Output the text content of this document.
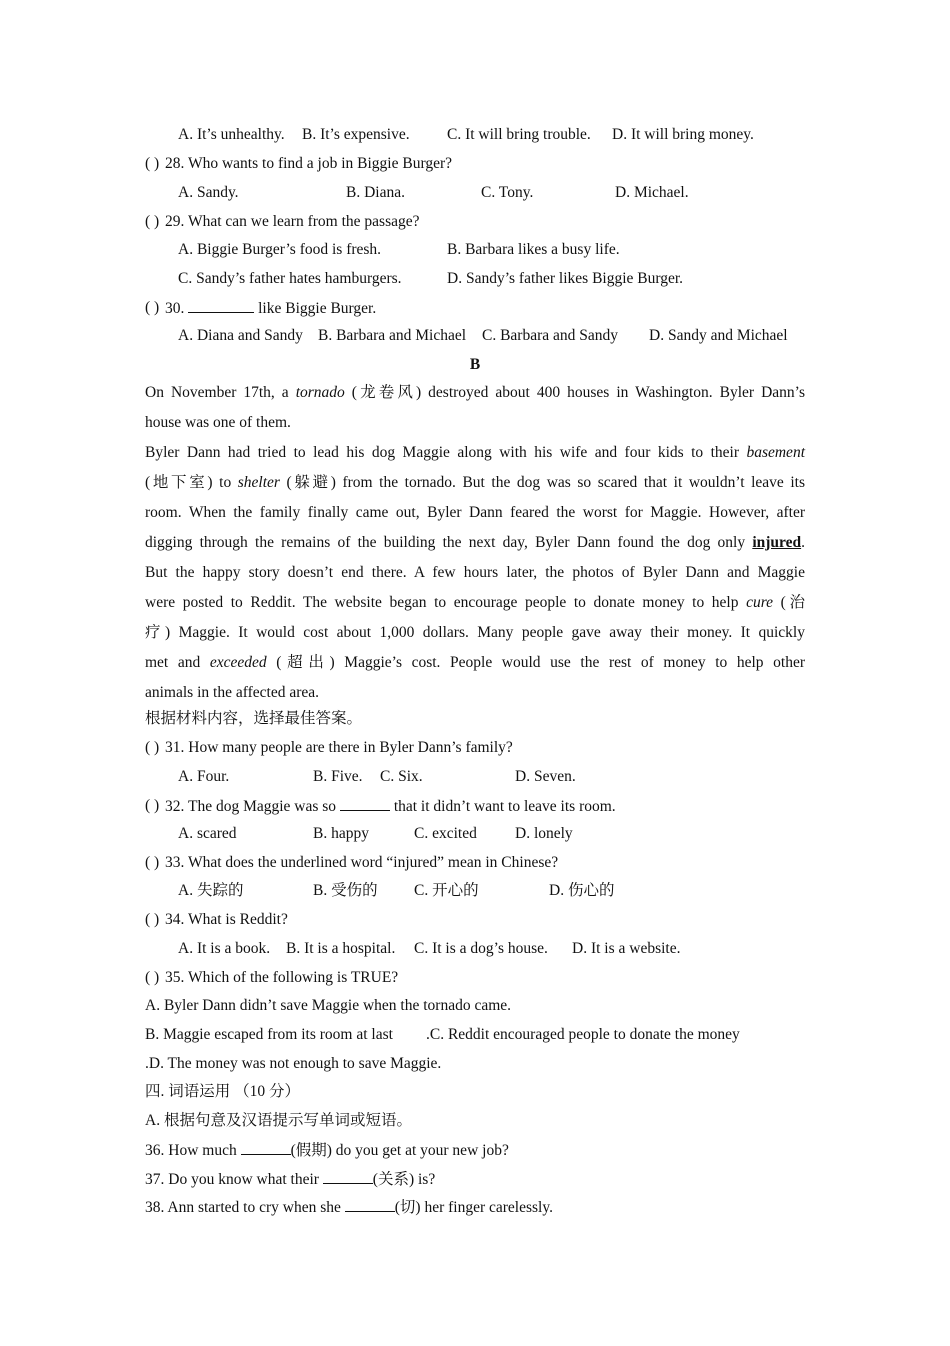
A. It’s unhealthy. B. It’s expensive. C. It will bring trouble. D. It will bring money.
( ) 28. Who wants to find a job in Biggie Burger?
A. Sandy.	B. Diana.	C. Tony.	D. Michael.
( ) 29. What can we learn from the passage?
A. Biggie Burger’s food is fresh.	B. Barbara likes a busy life.
C. Sandy’s father hates hamburgers.	D. Sandy’s father likes Biggie Burger.
( ) 30.	like Biggie Burger.
A. Diana and Sandy B. Barbara and Michael C. Barbara and Sandy D. Sandy and Michael
B
On November 17th, a tornado (龙卷风) destroyed about 400 houses in Washington. Byler Dann’s
house was one of them.
Byler Dann had tried to lead his dog Maggie along with his wife and four kids to their basement
(地下室) to shelter (躲避) from the tornado. But the dog was so scared that it wouldn’t leave its
room. When the family finally came out, Byler Dann feared the worst for Maggie. However, after
digging through the remains of the building the next day, Byler Dann found the dog only injured.
But the happy story doesn’t end there. A few hours later, the photos of Byler Dann and Maggie
were posted to Reddit. The website began to encourage people to donate money to help cure (治
疗) Maggie. It would cost about 1,000 dollars. Many people gave away their money. It quickly
met and exceeded (超出) Maggie’s cost. People would use the rest of money to help other
animals in the affected area.
根据材料内容，选择最佳答案。
( ) 31. How many people are there in Byler Dann’s family?
A. Four.	B. Five. C. Six.	D. Seven.
( ) 32. The dog Maggie was so	that it didn’t want to leave its room.
A. scared	B. happy	C. excited D. lonely
( ) 33. What does the underlined word “injured” mean in Chinese?
A. 失踪的	B. 受伤的 C. 开心的	D. 伤心的
( ) 34. What is Reddit?
A. It is a book. B. It is a hospital. C. It is a dog’s house. D. It is a website.
( ) 35. Which of the following is TRUE?
A. Byler Dann didn’t save Maggie when the tornado came.
B. Maggie escaped from its room at last .C. Reddit encouraged people to donate the money
.D. The money was not enough to save Maggie.
四. 词语运用 （10 分）
A. 根据句意及汉语提示写单词或短语。
36. How much	(假期) do you get at your new job?
37. Do you know what their	(关系) is?
38. Ann started to cry when she	(切) her finger carelessly.
